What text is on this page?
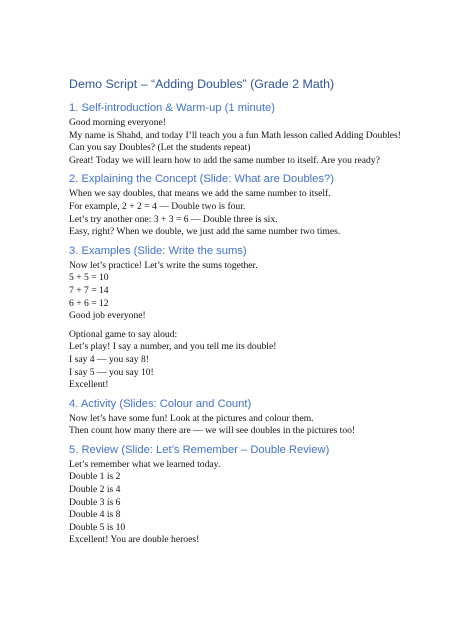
Demo Script – “Adding Doubles” (Grade 2 Math)
1. Self-introduction & Warm-up (1 minute)
Good morning everyone!
My name is Shahd, and today I’ll teach you a fun Math lesson called Adding Doubles!
Can you say Doubles? (Let the students repeat)
Great! Today we will learn how to add the same number to itself. Are you ready?
2. Explaining the Concept (Slide: What are Doubles?)
When we say doubles, that means we add the same number to itself.
For example, 2 + 2 = 4 — Double two is four.
Let’s try another one: 3 + 3 = 6 — Double three is six.
Easy, right? When we double, we just add the same number two times.
3. Examples (Slide: Write the sums)
Now let’s practice! Let’s write the sums together.
5 + 5 = 10
7 + 7 = 14
6 + 6 = 12
Good job everyone!
Optional game to say aloud:
Let’s play! I say a number, and you tell me its double!
I say 4 — you say 8!
I say 5 — you say 10!
Excellent!
4. Activity (Slides: Colour and Count)
Now let’s have some fun! Look at the pictures and colour them.
Then count how many there are — we will see doubles in the pictures too!
5. Review (Slide: Let’s Remember – Double Review)
Let’s remember what we learned today.
Double 1 is 2
Double 2 is 4
Double 3 is 6
Double 4 is 8
Double 5 is 10
Excellent! You are double heroes!
